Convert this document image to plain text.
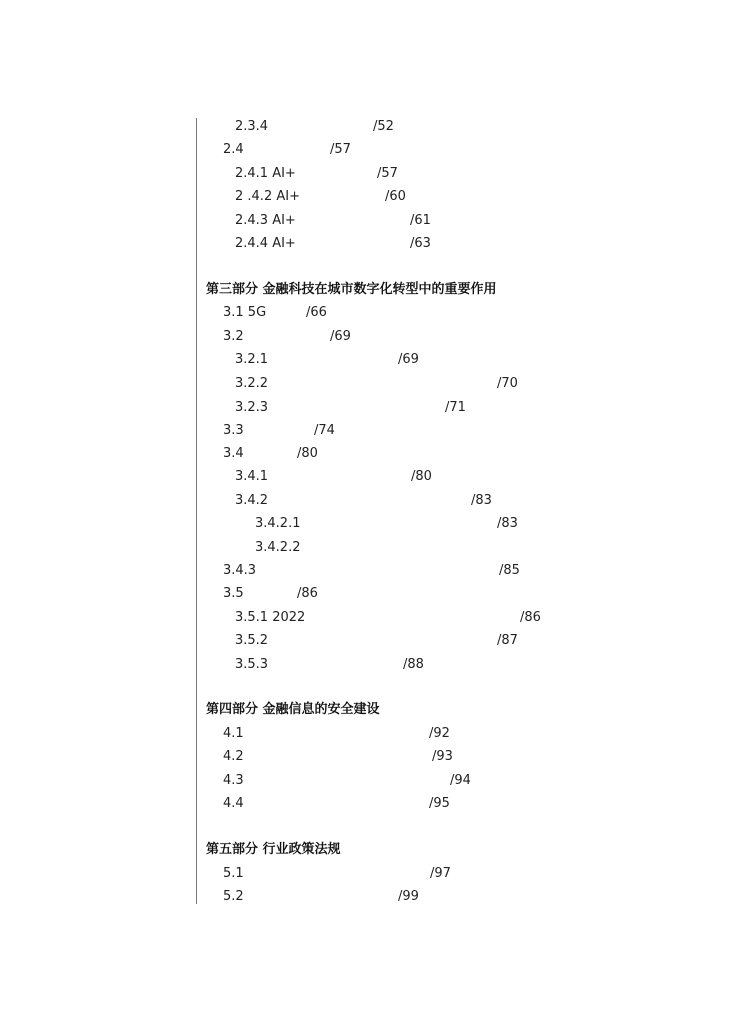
2.3.4	/52
2.4	/57
2.4.1 AI+	/57
2 .4.2 AI+	/60
2.4.3 AI+	/61
2.4.4 AI+	/63
第三部分 金融科技在城市数字化转型中的重要作用
3.1 5G	/66
3.2	/69
3.2.1	/69
3.2.2	/70
3.2.3	/71
3.3	/74
3.4	/80
3.4.1	/80
3.4.2	/83
3.4.2.1	/83
3.4.2.2
3.4.3	/85
3.5	/86
3.5.1 2022	/86
3.5.2	/87
3.5.3	/88
第四部分 金融信息的安全建设
4.1	/92
4.2	/93
4.3	/94
4.4	/95
第五部分 行业政策法规
5.1	/97
5.2	/99
